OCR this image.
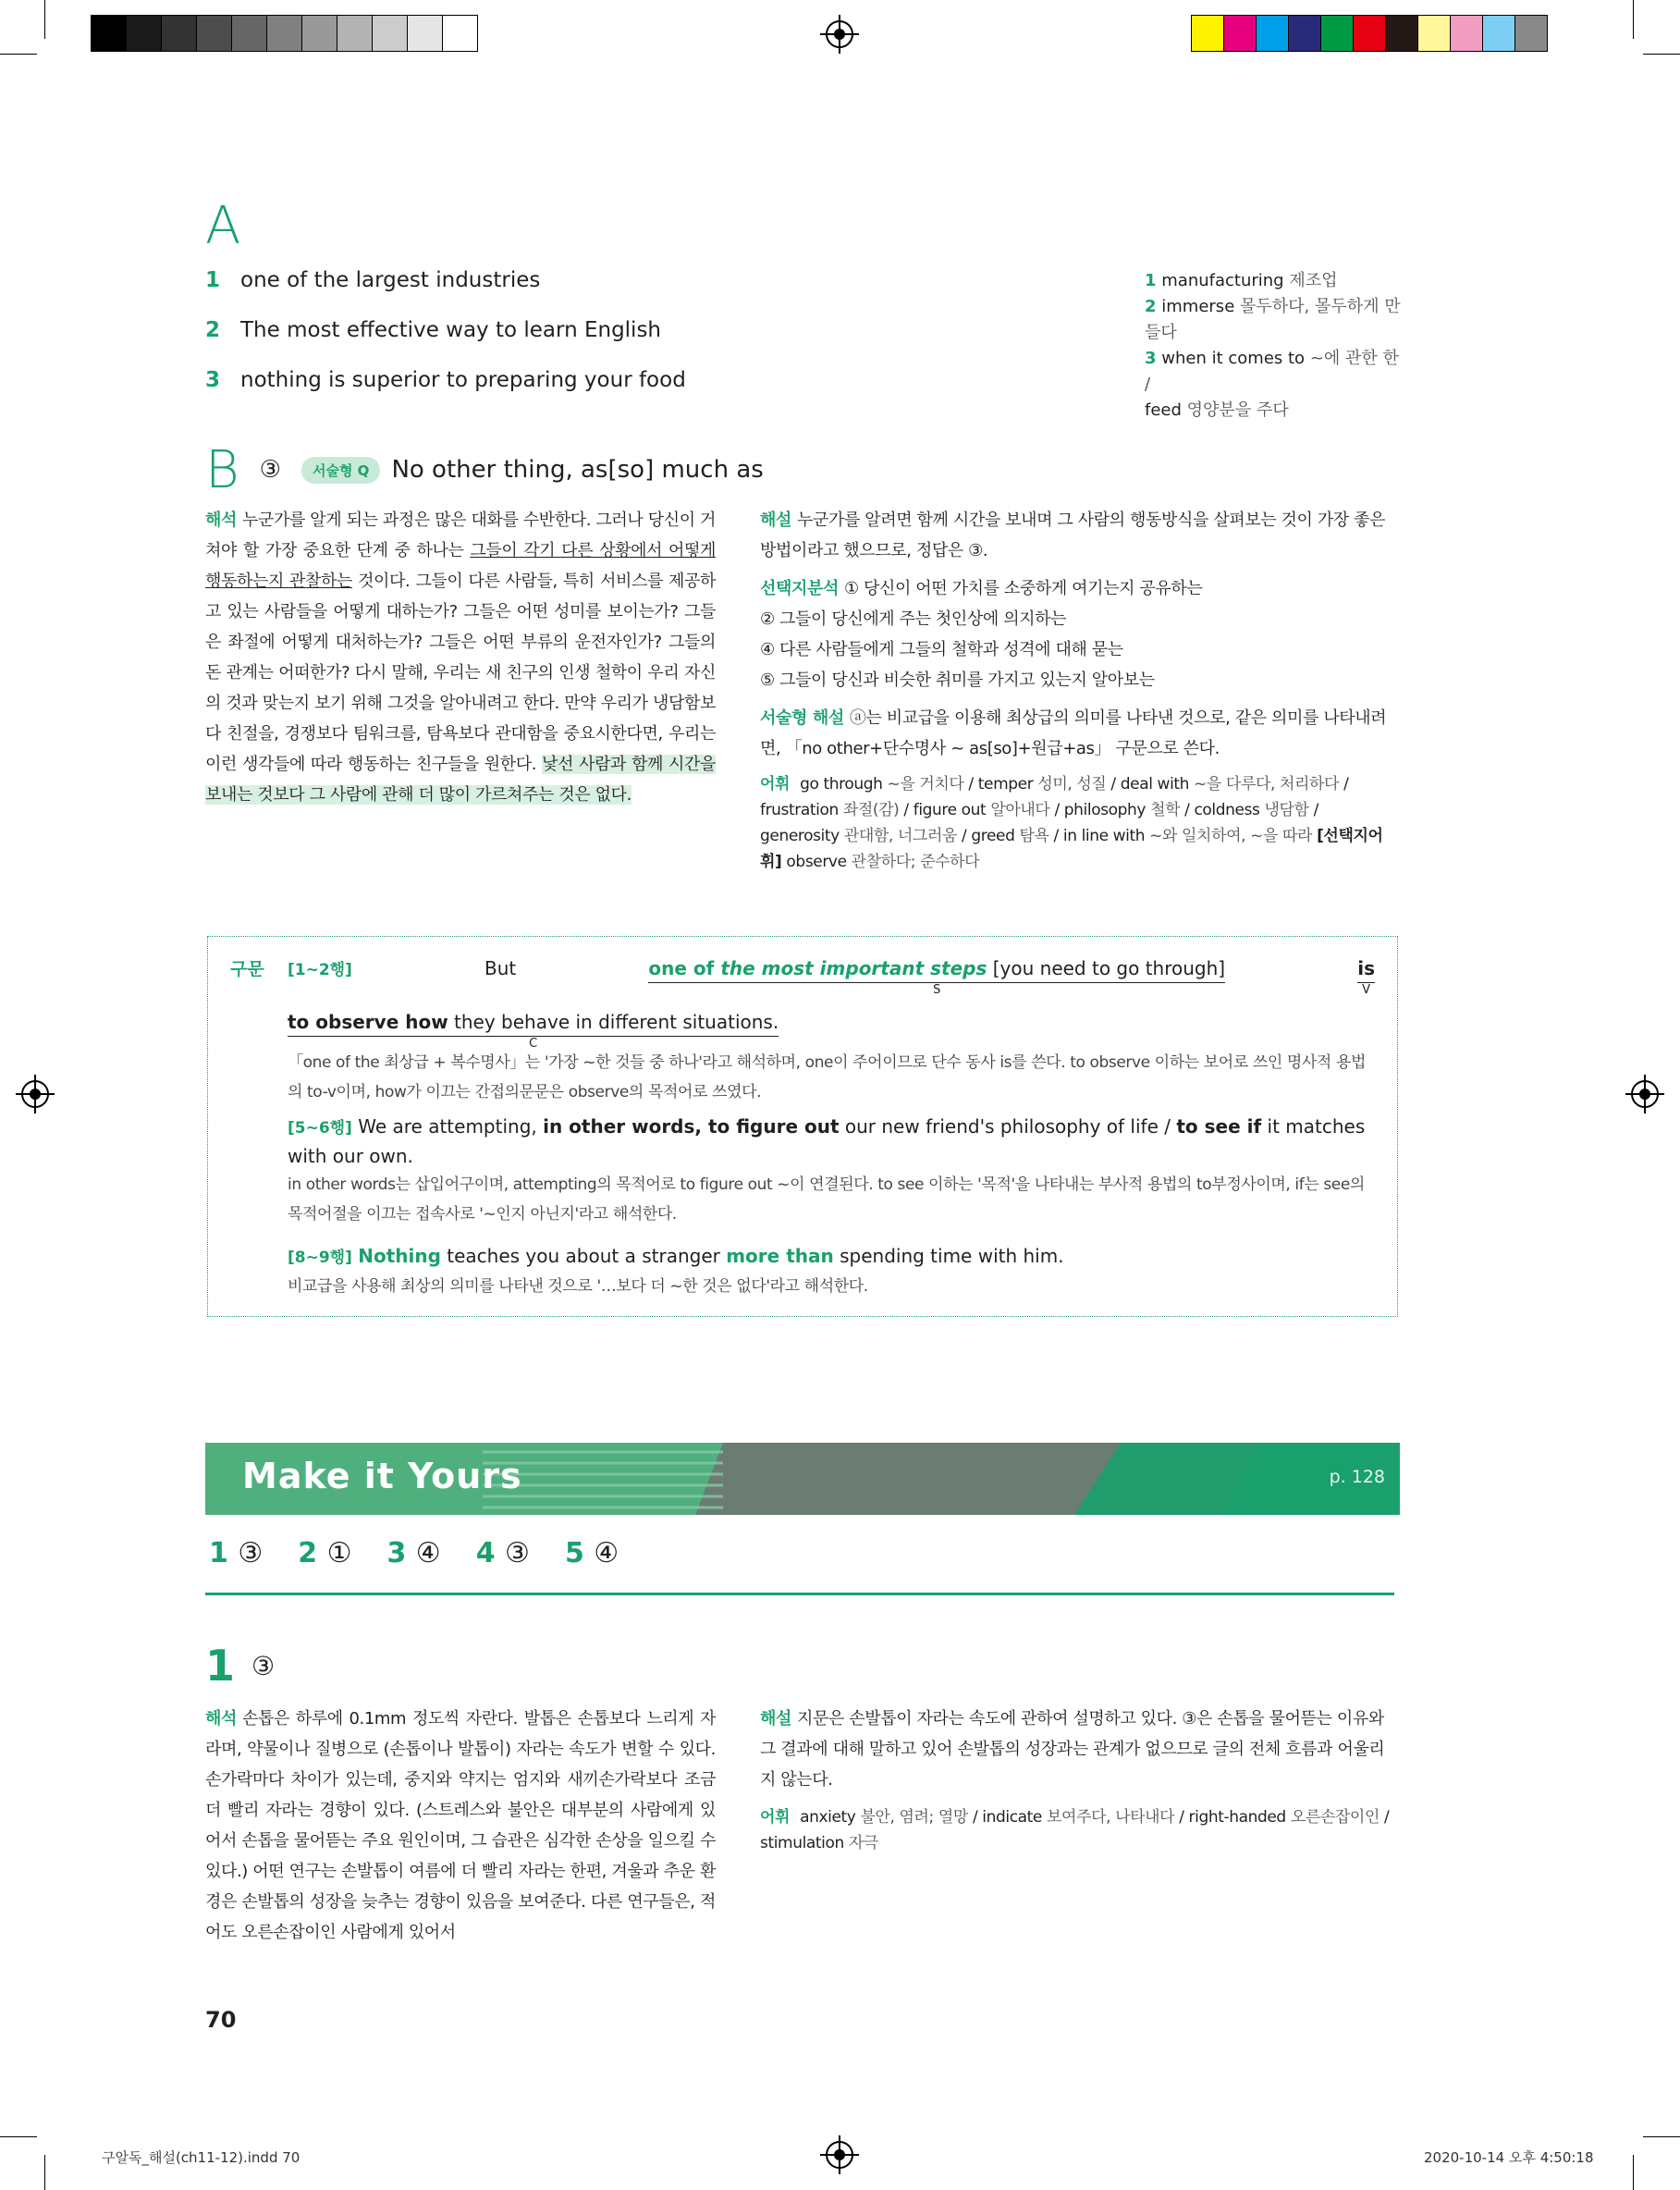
A
1 one of the largest industries
2 The most effective way to learn English
3 nothing is superior to preparing your food
1 manufacturing 제조업
2 immerse 몰두하다, 몰두하게 만들다
3 when it comes to ~에 관한 한 /
feed 영양분을 주다
B ③	서술형 Q No other thing, as[so] much as
해석 누군가를 알게 되는 과정은 많은 대화를 수반한다. 그러나 당신이 거쳐야 할 가장 중요한 단계 중 하나는 그들이 각기 다른 상황에서 어떻게 행동하는지 관찰하는 것이다. 그들이 다른 사람들, 특히 서비스를 제공하고 있는 사람들을 어떻게 대하는가? 그들은 어떤 성미를 보이는가? 그들은 좌절에 어떻게 대처하는가? 그들은 어떤 부류의 운전자인가? 그들의 돈 관계는 어떠한가? 다시 말해, 우리는 새 친구의 인생 철학이 우리 자신의 것과 맞는지 보기 위해 그것을 알아내려고 한다. 만약 우리가 냉담함보다 친절을, 경쟁보다 팀워크를, 탐욕보다 관대함을 중요시한다면, 우리는 이런 생각들에 따라 행동하는 친구들을 원한다. 낯선 사람과 함께 시간을 보내는 것보다 그 사람에 관해 더 많이 가르쳐주는 것은 없다.
해설 누군가를 알려면 함께 시간을 보내며 그 사람의 행동방식을 살펴보는 것이 가장 좋은 방법이라고 했으므로, 정답은 ③.
선택지분석 ① 당신이 어떤 가치를 소중하게 여기는지 공유하는
② 그들이 당신에게 주는 첫인상에 의지하는
④ 다른 사람들에게 그들의 철학과 성격에 대해 묻는
⑤ 그들이 당신과 비슷한 취미를 가지고 있는지 알아보는
서술형 해설 ⓐ는 비교급을 이용해 최상급의 의미를 나타낸 것으로, 같은 의미를 나타내려면, 「no other+단수명사 ~ as[so]+원급+as」 구문으로 쓴다.
어휘 go through ~을 거치다 / temper 성미, 성질 / deal with ~을 다루다, 처리하다 / frustration 좌절(감) / figure out 알아내다 / philosophy 철학 / coldness 냉담함 / generosity 관대함, 너그러움 / greed 탐욕 / in line with ~와 일치하여, ~을 따라 [선택지어휘] observe 관찰하다; 준수하다
구문 [1~2행]	But one of the most important steps [you need to go through]
S
is
V
to observe how they behave in different situations.
C
「one of the 최상급 + 복수명사」는 '가장 ~한 것들 중 하나'라고 해석하며, one이 주어이므로 단수 동사 is를 쓴다. to observe 이하는 보어로 쓰인 명사적 용법의 to-v이며, how가 이끄는 간접의문문은 observe의 목적어로 쓰였다.
[5~6행] We are attempting, in other words, to figure out our new friend's philosophy of life / to see if it matches with our own.
in other words는 삽입어구이며, attempting의 목적어로 to figure out ~이 연결된다. to see 이하는 '목적'을 나타내는 부사적 용법의 to부정사이며, if는 see의 목적어절을 이끄는 접속사로 '~인지 아닌지'라고 해석한다.
[8~9행] Nothing teaches you about a stranger more than spending time with him.
비교급을 사용해 최상의 의미를 나타낸 것으로 '…보다 더 ~한 것은 없다'라고 해석한다.
Make it Yours	p. 128
1 ③ 2 ① 3 ④ 4 ③ 5 ④
1 ③
해석 손톱은 하루에 0.1mm 정도씩 자란다. 발톱은 손톱보다 느리게 자라며, 약물이나 질병으로 (손톱이나 발톱이) 자라는 속도가 변할 수 있다. 손가락마다 차이가 있는데, 중지와 약지는 엄지와 새끼손가락보다 조금 더 빨리 자라는 경향이 있다. (스트레스와 불안은 대부분의 사람에게 있어서 손톱을 물어뜯는 주요 원인이며, 그 습관은 심각한 손상을 일으킬 수 있다.) 어떤 연구는 손발톱이 여름에 더 빨리 자라는 한편, 겨울과 추운 환경은 손발톱의 성장을 늦추는 경향이 있음을 보여준다. 다른 연구들은, 적어도 오른손잡이인 사람에게 있어서
해설 지문은 손발톱이 자라는 속도에 관하여 설명하고 있다. ③은 손톱을 물어뜯는 이유와 그 결과에 대해 말하고 있어 손발톱의 성장과는 관계가 없으므로 글의 전체 흐름과 어울리지 않는다.
어휘 anxiety 불안, 염려; 열망 / indicate 보여주다, 나타내다 / right-handed 오른손잡이인 / stimulation 자극
70
구알독_해설(ch11-12).indd 70	2020-10-14 오후 4:50:18
